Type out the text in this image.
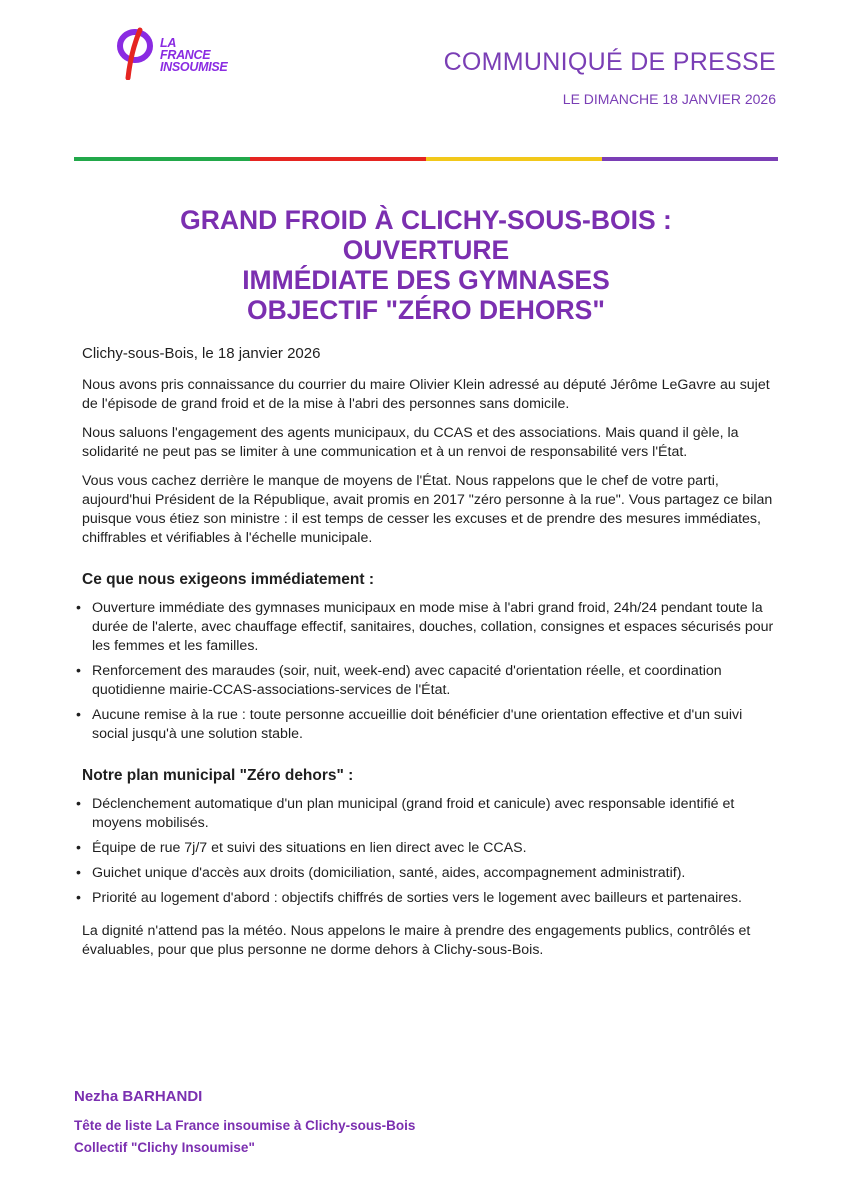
LA
FRANCE
INSOUMISE	COMMUNIQUÉ DE PRESSE
LE DIMANCHE 18 JANVIER 2026
GRAND FROID À CLICHY-SOUS-BOIS :
OUVERTURE
IMMÉDIATE DES GYMNASES
OBJECTIF "ZÉRO DEHORS"
Clichy-sous-Bois, le 18 janvier 2026

Nous avons pris connaissance du courrier du maire Olivier Klein adressé au député Jérôme LeGavre au sujet de l'épisode de grand froid et de la mise à l'abri des personnes sans domicile.

Nous saluons l'engagement des agents municipaux, du CCAS et des associations. Mais quand il gèle, la solidarité ne peut pas se limiter à une communication et à un renvoi de responsabilité vers l'État.

Vous vous cachez derrière le manque de moyens de l'État. Nous rappelons que le chef de votre parti, aujourd'hui Président de la République, avait promis en 2017 "zéro personne à la rue". Vous partagez ce bilan puisque vous étiez son ministre : il est temps de cesser les excuses et de prendre des mesures immédiates, chiffrables et vérifiables à l'échelle municipale.

Ce que nous exigeons immédiatement :
• Ouverture immédiate des gymnases municipaux en mode mise à l'abri grand froid, 24h/24 pendant toute la durée de l'alerte, avec chauffage effectif, sanitaires, douches, collation, consignes et espaces sécurisés pour les femmes et les familles.
• Renforcement des maraudes (soir, nuit, week-end) avec capacité d'orientation réelle, et coordination quotidienne mairie-CCAS-associations-services de l'État.
• Aucune remise à la rue : toute personne accueillie doit bénéficier d'une orientation effective et d'un suivi social jusqu'à une solution stable.
Notre plan municipal "Zéro dehors" :
• Déclenchement automatique d'un plan municipal (grand froid et canicule) avec responsable identifié et moyens mobilisés.
• Équipe de rue 7j/7 et suivi des situations en lien direct avec le CCAS.
• Guichet unique d'accès aux droits (domiciliation, santé, aides, accompagnement administratif).
• Priorité au logement d'abord : objectifs chiffrés de sorties vers le logement avec bailleurs et partenaires.

La dignité n'attend pas la météo. Nous appelons le maire à prendre des engagements publics, contrôlés et évaluables, pour que plus personne ne dorme dehors à Clichy-sous-Bois.

Nezha BARHANDI
Tête de liste La France insoumise à Clichy-sous-Bois
Collectif "Clichy Insoumise"
